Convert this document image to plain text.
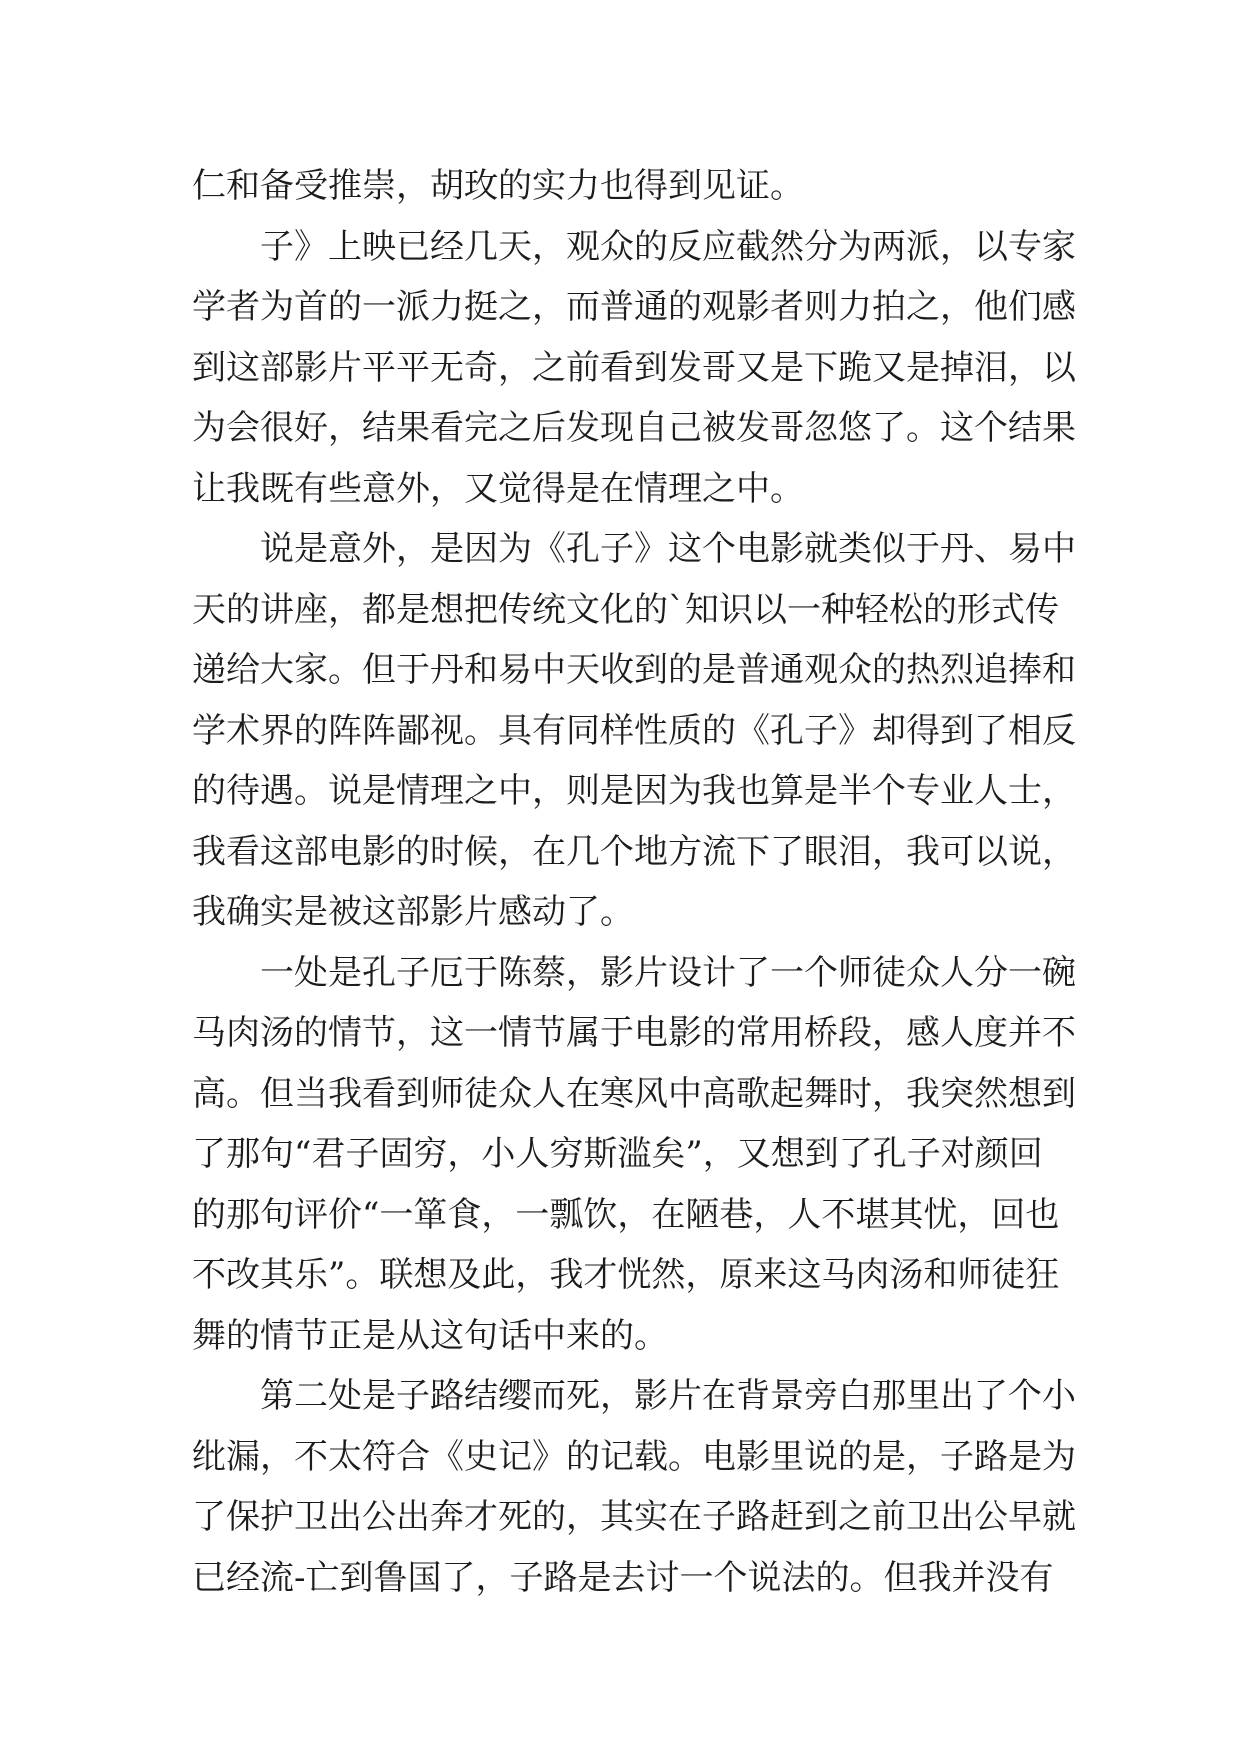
仁和备受推崇，胡玫的实力也得到见证。
子》上映已经几天，观众的反应截然分为两派，以专家
学者为首的一派力挺之，而普通的观影者则力拍之，他们感
到这部影片平平无奇，之前看到发哥又是下跪又是掉泪，以
为会很好，结果看完之后发现自己被发哥忽悠了。这个结果
让我既有些意外，又觉得是在情理之中。
说是意外，是因为《孔子》这个电影就类似于丹、易中
天的讲座，都是想把传统文化的`知识以一种轻松的形式传
递给大家。但于丹和易中天收到的是普通观众的热烈追捧和
学术界的阵阵鄙视。具有同样性质的《孔子》却得到了相反
的待遇。说是情理之中，则是因为我也算是半个专业人士，
我看这部电影的时候，在几个地方流下了眼泪，我可以说，
我确实是被这部影片感动了。
一处是孔子厄于陈蔡，影片设计了一个师徒众人分一碗
马肉汤的情节，这一情节属于电影的常用桥段，感人度并不
高。但当我看到师徒众人在寒风中高歌起舞时，我突然想到
了那句“君子固穷，小人穷斯滥矣”，又想到了孔子对颜回
的那句评价“一箪食，一瓢饮，在陋巷，人不堪其忧，回也
不改其乐”。联想及此，我才恍然，原来这马肉汤和师徒狂
舞的情节正是从这句话中来的。
第二处是子路结缨而死，影片在背景旁白那里出了个小
纰漏，不太符合《史记》的记载。电影里说的是，子路是为
了保护卫出公出奔才死的，其实在子路赶到之前卫出公早就
已经流-亡到鲁国了，子路是去讨一个说法的。但我并没有
